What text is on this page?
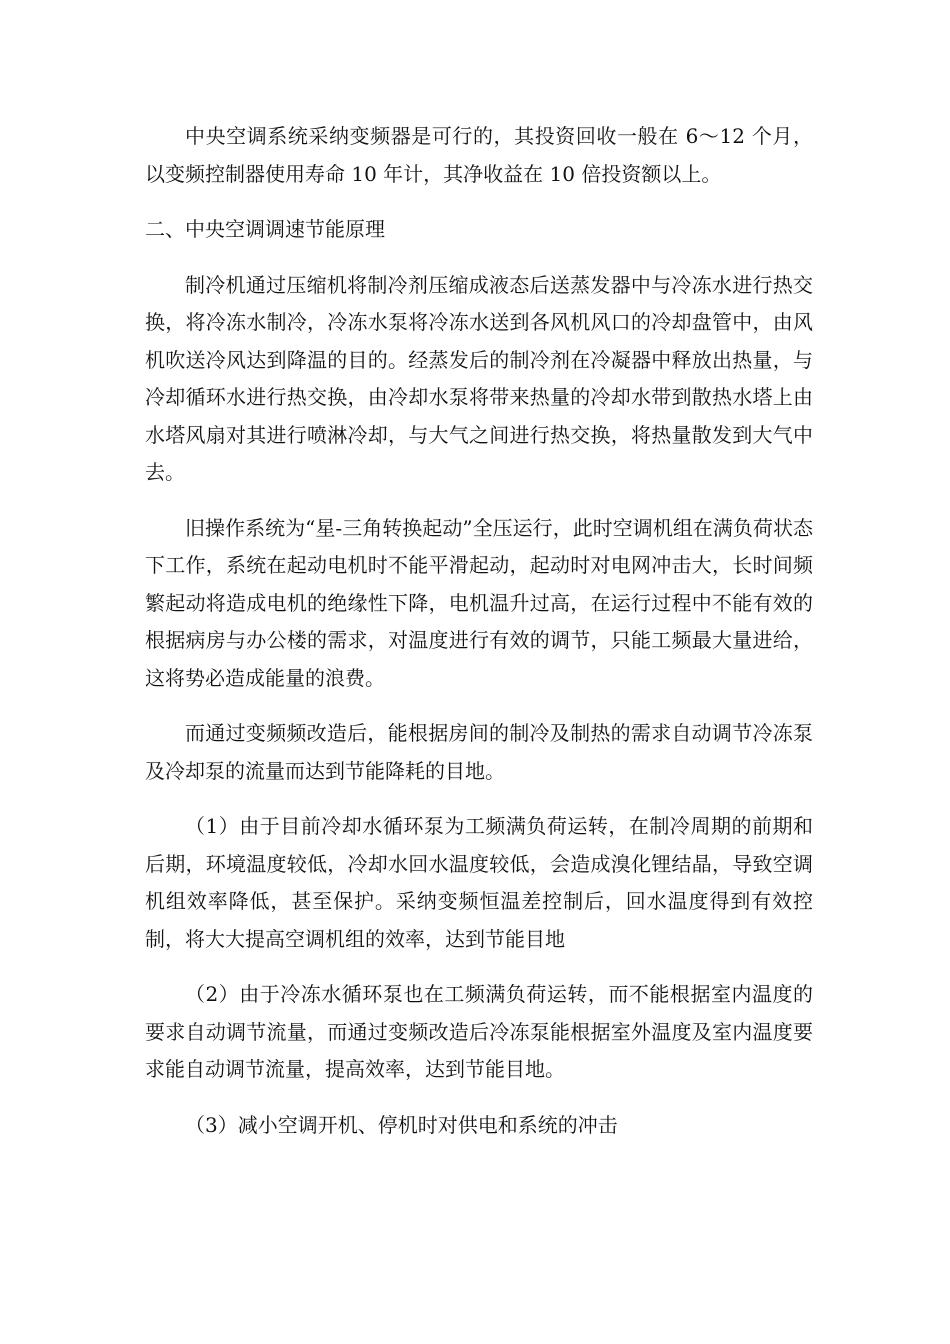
中央空调系统采纳变频器是可行的，其投资回收一般在 6～12 个月，以变频控制器使用寿命 10 年计，其净收益在 10 倍投资额以上。

二、中央空调调速节能原理

制冷机通过压缩机将制冷剂压缩成液态后送蒸发器中与冷冻水进行热交换，将冷冻水制冷，冷冻水泵将冷冻水送到各风机风口的冷却盘管中，由风机吹送冷风达到降温的目的。经蒸发后的制冷剂在冷凝器中释放出热量，与冷却循环水进行热交换，由冷却水泵将带来热量的冷却水带到散热水塔上由水塔风扇对其进行喷淋冷却，与大气之间进行热交换，将热量散发到大气中去。

旧操作系统为“星-三角转换起动”全压运行，此时空调机组在满负荷状态下工作，系统在起动电机时不能平滑起动，起动时对电网冲击大，长时间频繁起动将造成电机的绝缘性下降，电机温升过高，在运行过程中不能有效的根据病房与办公楼的需求，对温度进行有效的调节，只能工频最大量进给，这将势必造成能量的浪费。

而通过变频频改造后，能根据房间的制冷及制热的需求自动调节冷冻泵及冷却泵的流量而达到节能降耗的目地。

（1）由于目前冷却水循环泵为工频满负荷运转，在制冷周期的前期和后期，环境温度较低，冷却水回水温度较低，会造成溴化锂结晶，导致空调机组效率降低，甚至保护。采纳变频恒温差控制后，回水温度得到有效控制，将大大提高空调机组的效率，达到节能目地

（2）由于冷冻水循环泵也在工频满负荷运转，而不能根据室内温度的要求自动调节流量，而通过变频改造后冷冻泵能根据室外温度及室内温度要求能自动调节流量，提高效率，达到节能目地。

（3）减小空调开机、停机时对供电和系统的冲击
